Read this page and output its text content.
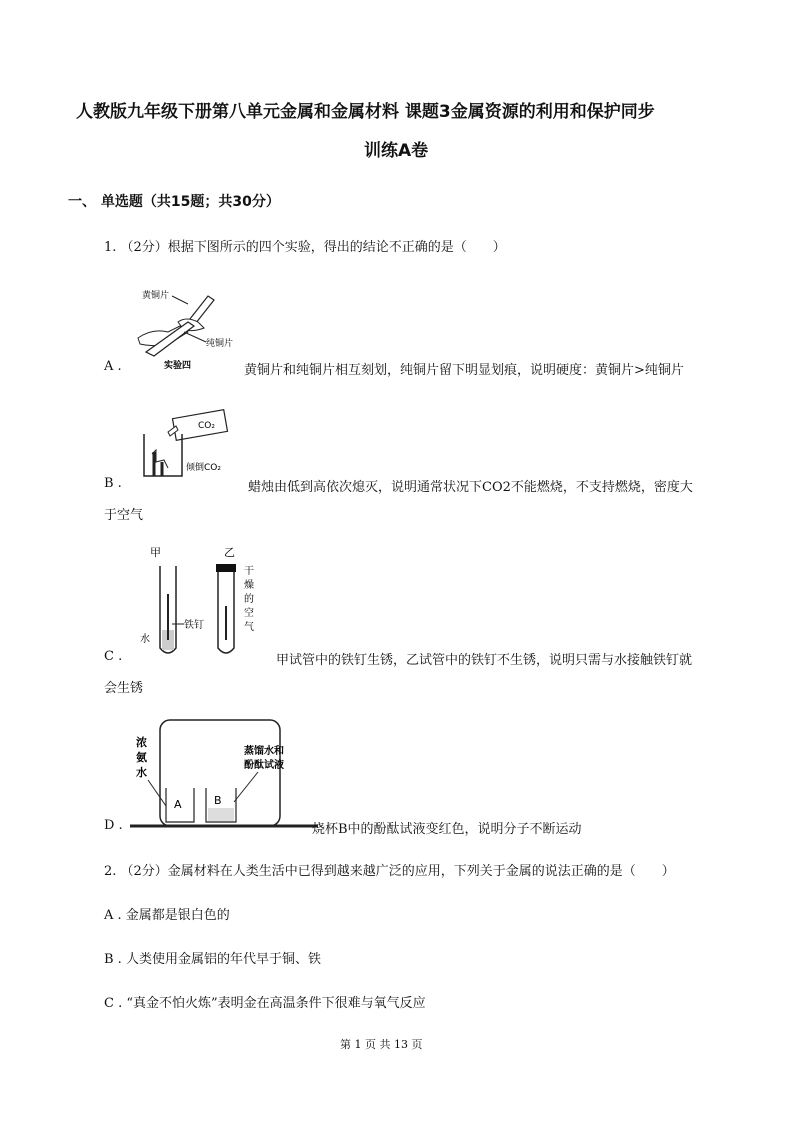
人教版九年级下册第八单元金属和金属材料 课题3金属资源的利用和保护同步
训练A卷
一、 单选题（共15题；共30分）
1. （2分）根据下图所示的四个实验，得出的结论不正确的是（　　）
黄铜片
纯铜片
实验四
A .	黄铜片和纯铜片相互刻划，纯铜片留下明显划痕，说明硬度：黄铜片>纯铜片
CO₂
倾倒CO₂
B .	蜡烛由低到高依次熄灭，说明通常状况下CO2不能燃烧，不支持燃烧，密度大
于空气
甲	乙
水
铁钉
干
燥
的
空
气
C .	甲试管中的铁钉生锈，乙试管中的铁钉不生锈，说明只需与水接触铁钉就
会生锈
浓
氨
水
蒸馏水和
酚酞试液
A	B
D .	烧杯B中的酚酞试液变红色，说明分子不断运动
2. （2分）金属材料在人类生活中已得到越来越广泛的应用，下列关于金属的说法正确的是（　　）
A . 金属都是银白色的
B . 人类使用金属铝的年代早于铜、铁
C . “真金不怕火炼”表明金在高温条件下很难与氧气反应
第 1 页 共 13 页
